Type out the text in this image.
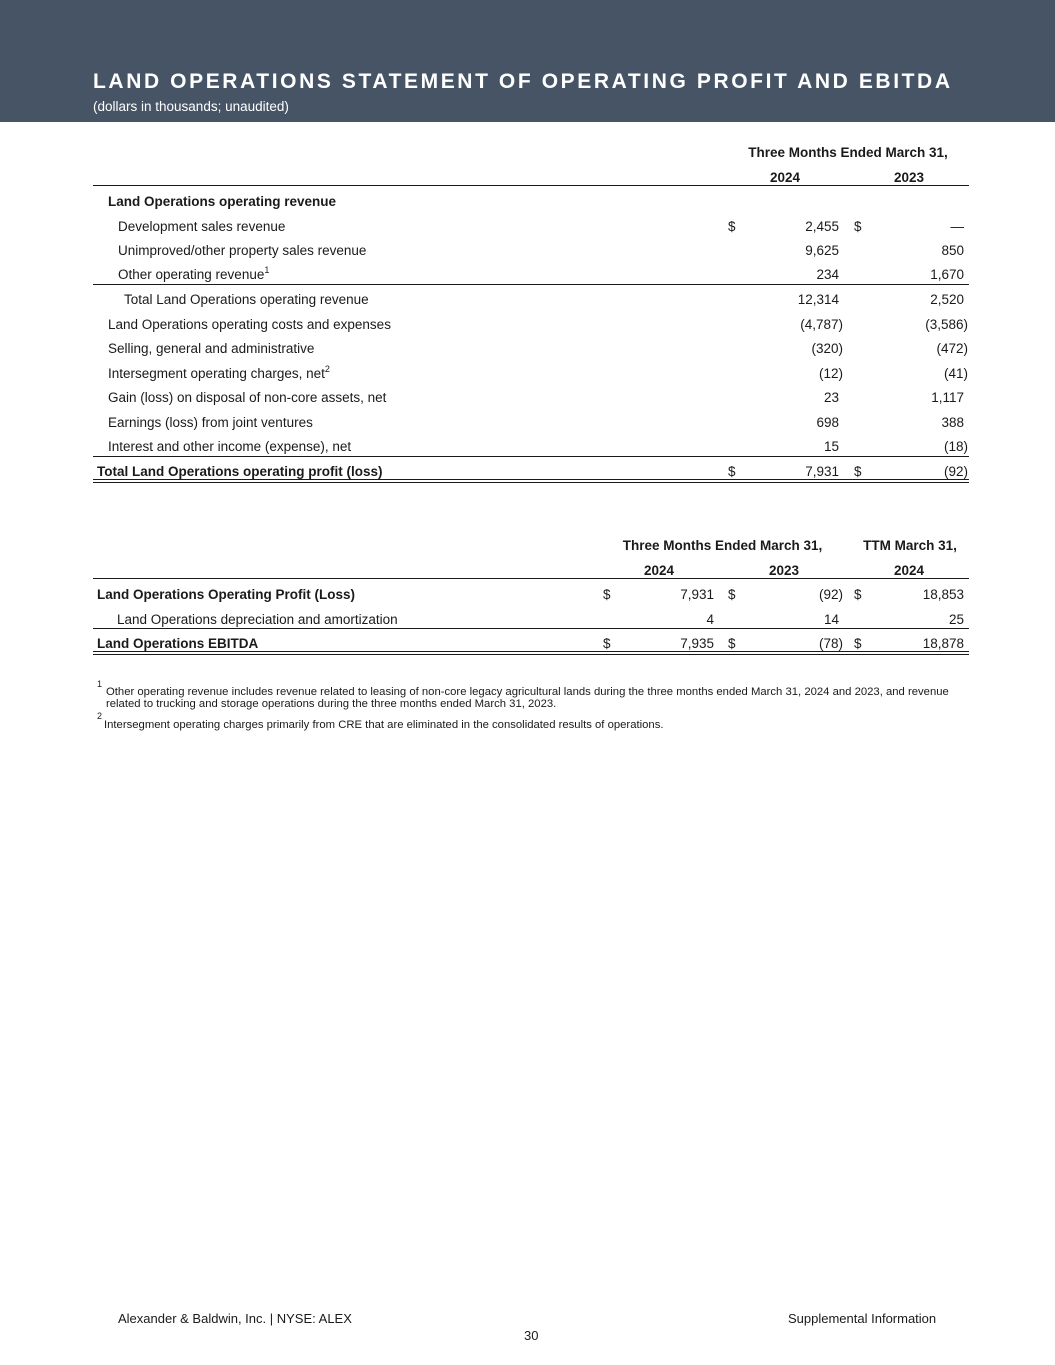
LAND OPERATIONS STATEMENT OF OPERATING PROFIT AND EBITDA
(dollars in thousands; unaudited)
Three Months Ended March 31,
2024	2023
Land Operations operating revenue
Development sales revenue	$	2,455 $	—
Unimproved/other property sales revenue	9,625	850
Other operating revenue$^1$	234	1,670
Total Land Operations operating revenue	12,314	2,520
Land Operations operating costs and expenses	(4,787)	(3,586)
Selling, general and administrative	(320)	(472)
Intersegment operating charges, net$^2$	(12)	(41)
Gain (loss) on disposal of non-core assets, net	23	1,117
Earnings (loss) from joint ventures	698	388
Interest and other income (expense), net	15	(18)
Total Land Operations operating profit (loss)	$	7,931 $	(92)
Three Months Ended March 31,	TTM March 31,
2024	2023	2024
Land Operations Operating Profit (Loss)	$	7,931 $	(92) $	18,853
Land Operations depreciation and amortization	4	14	25
Land Operations EBITDA	$	7,935 $	(78) $	18,878
$^1$
Other operating revenue includes revenue related to leasing of non-core legacy agricultural lands during the three months ended March 31, 2024 and 2023, and revenue related to trucking and storage operations during the three months ended March 31, 2023.
$^2$
Intersegment operating charges primarily from CRE that are eliminated in the consolidated results of operations.
Alexander & Baldwin, Inc. | NYSE: ALEX	Supplemental Information
30
